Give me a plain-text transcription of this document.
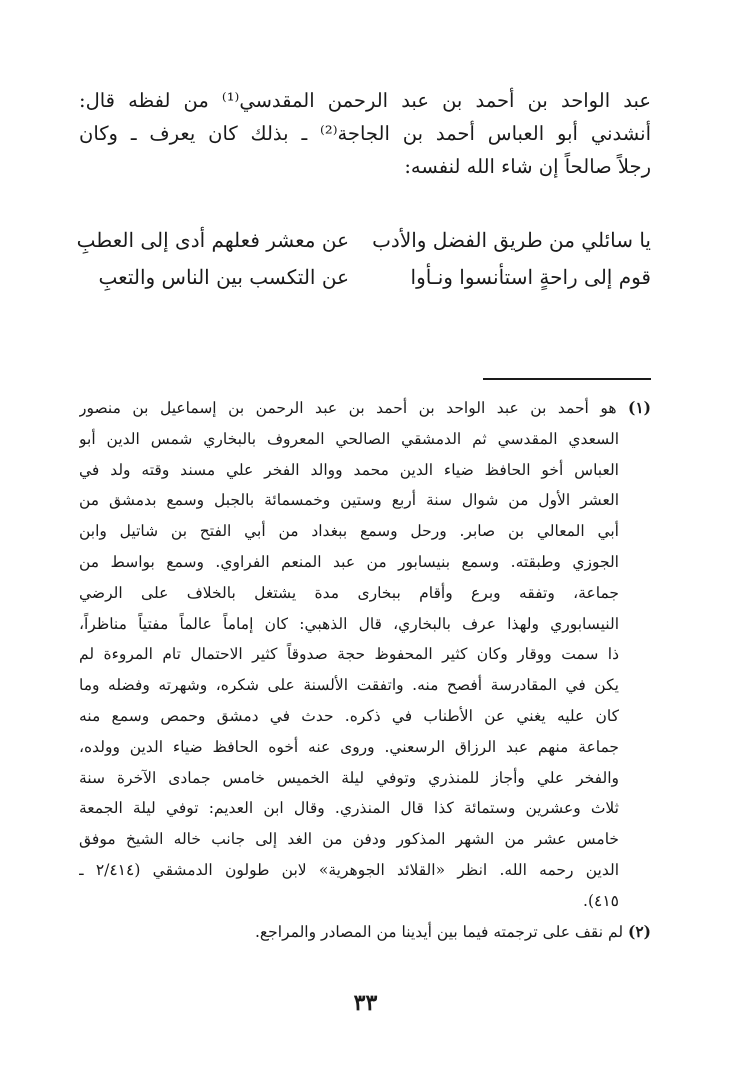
عبد الواحد بن أحمد بن عبد الرحمن المقدسي⁽¹⁾ من لفظه قال:
أنشدني أبو العباس أحمد بن الجاجة⁽²⁾ ـ بذلك كان يعرف ـ وكان
رجلاً صالحاً إن شاء الله لنفسه:
يا سائلي من طريق الفضل والأدب
عن معشر فعلهم أدى إلى العطبِ
قوم إلى راحةٍ استأنسوا ونـأوا
عن التكسب بين الناس والتعبِ
(١) هو أحمد بن عبد الواحد بن أحمد بن عبد الرحمن بن إسماعيل بن منصور
السعدي المقدسي ثم الدمشقي الصالحي المعروف بالبخاري شمس الدين أبو
العباس أخو الحافظ ضياء الدين محمد ووالد الفخر علي مسند وقته ولد في
العشر الأول من شوال سنة أربع وستين وخمسمائة بالجبل وسمع بدمشق من
أبي المعالي بن صابر. ورحل وسمع ببغداد من أبي الفتح بن شاتيل وابن
الجوزي وطبقته. وسمع بنيسابور من عبد المنعم الفراوي. وسمع بواسط من
جماعة، وتفقه وبرع وأقام ببخارى مدة يشتغل بالخلاف على الرضي
النيسابوري ولهذا عرف بالبخاري، قال الذهبي: كان إماماً عالماً مفتياً مناظراً،
ذا سمت ووقار وكان كثير المحفوظ حجة صدوقاً كثير الاحتمال تام المروءة لم
يكن في المقادرسة أفصح منه. واتفقت الألسنة على شكره، وشهرته وفضله وما
كان عليه يغني عن الأطناب في ذكره. حدث في دمشق وحمص وسمع منه
جماعة منهم عبد الرزاق الرسعني. وروى عنه أخوه الحافظ ضياء الدين وولده،
والفخر علي وأجاز للمنذري وتوفي ليلة الخميس خامس جمادى الآخرة سنة
ثلاث وعشرين وستمائة كذا قال المنذري. وقال ابن العديم: توفي ليلة الجمعة
خامس عشر من الشهر المذكور ودفن من الغد إلى جانب خاله الشيخ موفق
الدين رحمه الله. انظر «القلائد الجوهرية» لابن طولون الدمشقي (٢/٤١٤ ـ
٤١٥).
(٢) لم نقف على ترجمته فيما بين أيدينا من المصادر والمراجع.
٣٣
